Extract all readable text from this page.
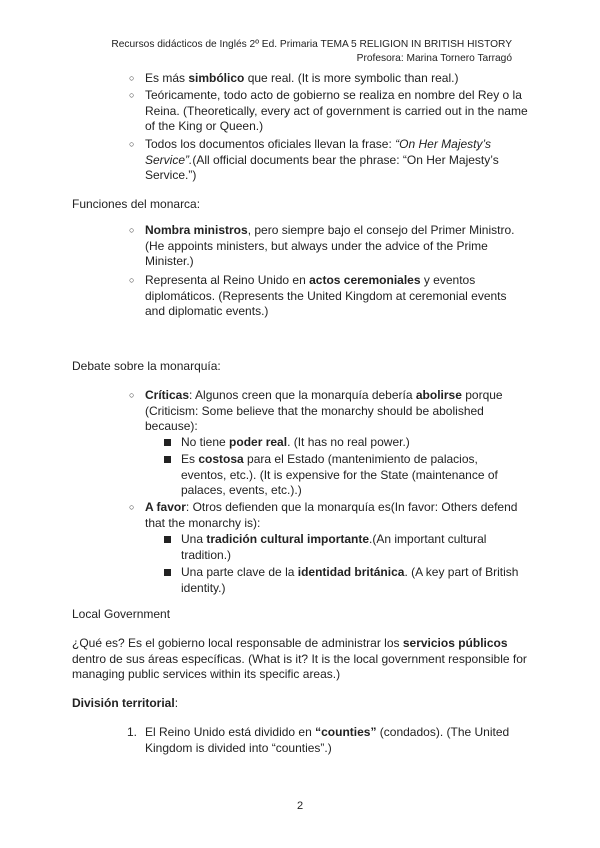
Recursos didácticos de Inglés 2º Ed. Primaria TEMA 5 RELIGION IN BRITISH HISTORY
Profesora: Marina Tornero Tarragó
○ Es más simbólico que real. (It is more symbolic than real.)
○ Teóricamente, todo acto de gobierno se realiza en nombre del Rey o la Reina. (Theoretically, every act of government is carried out in the name of the King or Queen.)
○ Todos los documentos oficiales llevan la frase: “On Her Majesty’s Service”.(All official documents bear the phrase: “On Her Majesty’s Service.”)
Funciones del monarca:
○ Nombra ministros, pero siempre bajo el consejo del Primer Ministro.(He appoints ministers, but always under the advice of the Prime Minister.)
○ Representa al Reino Unido en actos ceremoniales y eventos diplomáticos. (Represents the United Kingdom at ceremonial events and diplomatic events.)
Debate sobre la monarquía:
○ Críticas: Algunos creen que la monarquía debería abolirse porque (Criticism: Some believe that the monarchy should be abolished because):
No tiene poder real. (It has no real power.)
Es costosa para el Estado (mantenimiento de palacios, eventos, etc.). (It is expensive for the State (maintenance of palaces, events, etc.).)
○ A favor: Otros defienden que la monarquía es(In favor: Others defend that the monarchy is):
Una tradición cultural importante.(An important cultural tradition.)
Una parte clave de la identidad británica. (A key part of British identity.)
Local Government
¿Qué es? Es el gobierno local responsable de administrar los servicios públicos dentro de sus áreas específicas. (What is it? It is the local government responsible for managing public services within its specific areas.)
División territorial:
1. El Reino Unido está dividido en “counties” (condados). (The United Kingdom is divided into “counties”.)
2
